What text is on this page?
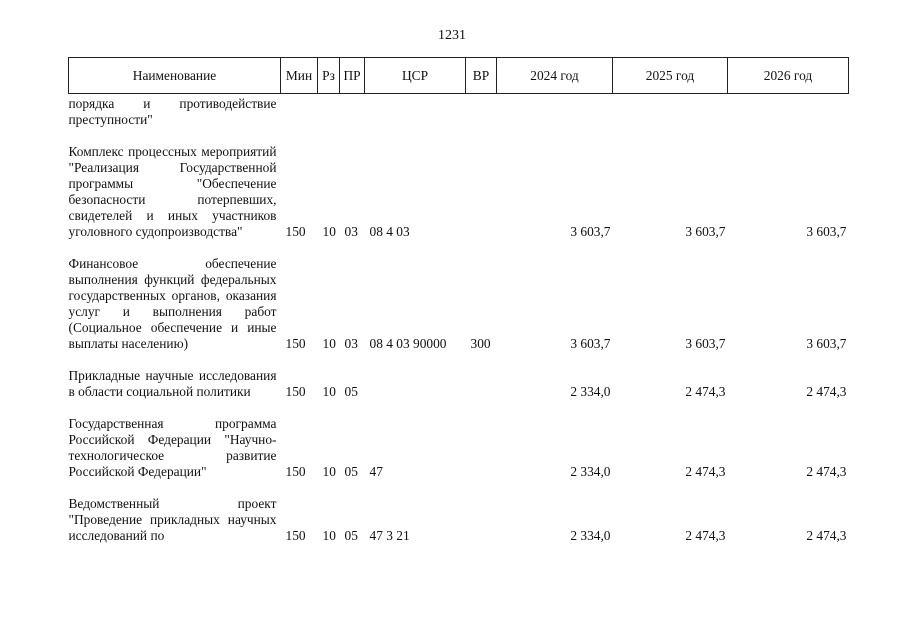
1231
Наименование	Мин	Рз	ПР	ЦСР	ВР	2024 год	2025 год	2026 год

порядка и противодействие преступности"								

Комплекс процессных мероприятий "Реализация Государственной программы "Обеспечение безопасности потерпевших, свидетелей и иных участников уголовного судопроизводства"	150	10	03	08 4 03		3 603,7	3 603,7	3 603,7

Финансовое обеспечение выполнения функций федеральных государственных органов, оказания услуг и выполнения работ (Социальное обеспечение и иные выплаты населению)	150	10	03	08 4 03 90000	300	3 603,7	3 603,7	3 603,7

Прикладные научные исследования в области социальной политики	150	10	05			2 334,0	2 474,3	2 474,3

Государственная программа Российской Федерации "Научно-технологическое развитие Российской Федерации"	150	10	05	47		2 334,0	2 474,3	2 474,3

Ведомственный проект "Проведение прикладных научных исследований по	150	10	05	47 3 21		2 334,0	2 474,3	2 474,3
